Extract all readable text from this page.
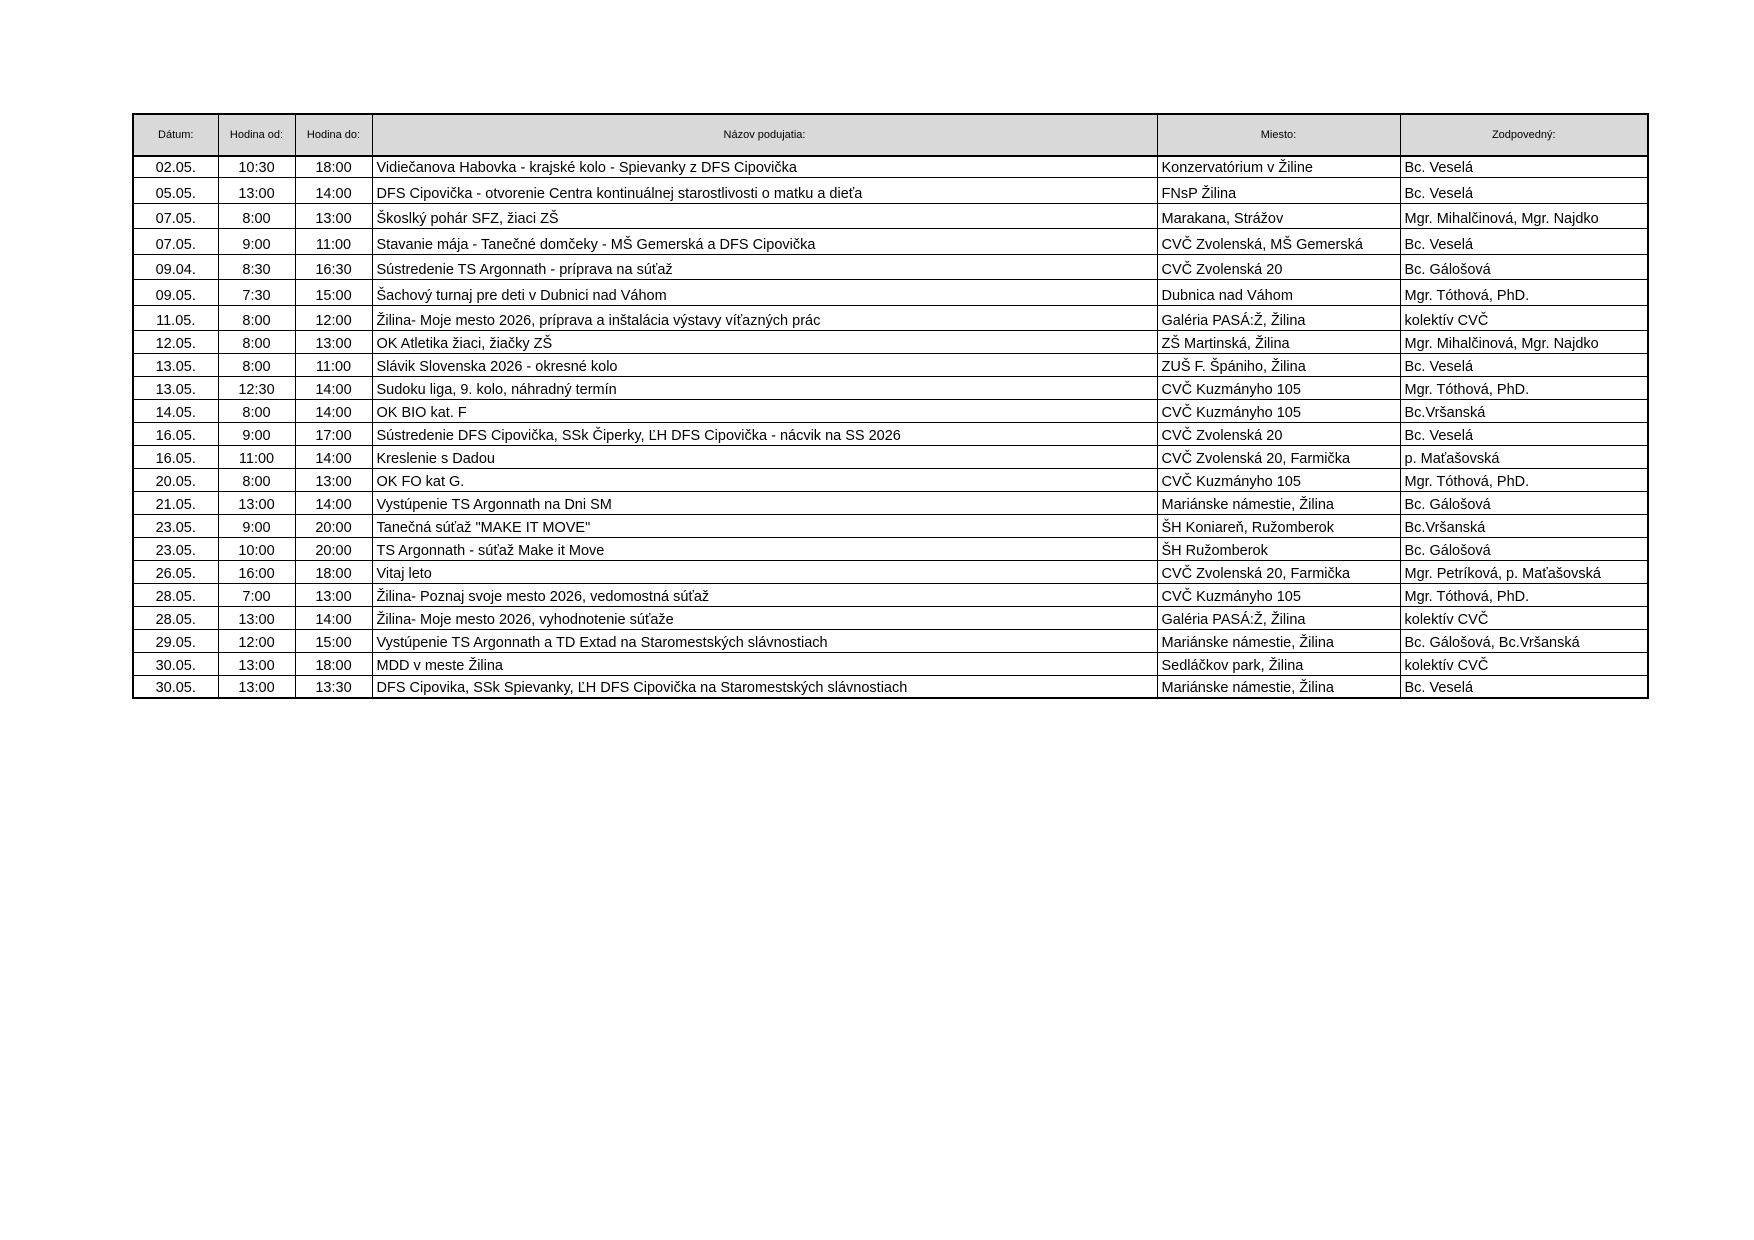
Dátum:	Hodina od:	Hodina do:	Názov podujatia:	Miesto:	Zodpovedný:
02.05.	10:30	18:00	Vidiečanova Habovka - krajské kolo - Spievanky z DFS Cipovička	Konzervatórium v Žiline	Bc. Veselá
05.05.	13:00	14:00	DFS Cipovička - otvorenie Centra kontinuálnej starostlivosti o matku a dieťa	FNsP Žilina	Bc. Veselá
07.05.	8:00	13:00	Škoslký pohár SFZ, žiaci ZŠ	Marakana, Strážov	Mgr. Mihalčinová, Mgr. Najdko
07.05.	9:00	11:00	Stavanie mája - Tanečné domčeky - MŠ Gemerská a DFS Cipovička	CVČ Zvolenská, MŠ Gemerská	Bc. Veselá
09.04.	8:30	16:30	Sústredenie TS Argonnath - príprava na súťaž	CVČ Zvolenská 20	Bc. Gálošová
09.05.	7:30	15:00	Šachový turnaj pre deti v Dubnici nad Váhom	Dubnica nad Váhom	Mgr. Tóthová, PhD.
11.05.	8:00	12:00	Žilina- Moje mesto 2026, príprava a inštalácia výstavy víťazných prác	Galéria PASÁ:Ž, Žilina	kolektív CVČ
12.05.	8:00	13:00	OK Atletika žiaci, žiačky ZŠ	ZŠ Martinská, Žilina	Mgr. Mihalčinová, Mgr. Najdko
13.05.	8:00	11:00	Slávik Slovenska 2026 - okresné kolo	ZUŠ F. Špániho, Žilina	Bc. Veselá
13.05.	12:30	14:00	Sudoku liga, 9. kolo, náhradný termín	CVČ Kuzmányho 105	Mgr. Tóthová, PhD.
14.05.	8:00	14:00	OK BIO kat. F	CVČ Kuzmányho 105	Bc.Vršanská
16.05.	9:00	17:00	Sústredenie DFS Cipovička, SSk Čiperky, ĽH DFS Cipovička - nácvik na SS 2026	CVČ Zvolenská 20	Bc. Veselá
16.05.	11:00	14:00	Kreslenie s Dadou	CVČ Zvolenská 20, Farmička	p. Maťašovská
20.05.	8:00	13:00	OK FO kat G.	CVČ Kuzmányho 105	Mgr. Tóthová, PhD.
21.05.	13:00	14:00	Vystúpenie TS Argonnath na Dni SM	Mariánske námestie, Žilina	Bc. Gálošová
23.05.	9:00	20:00	Tanečná súťaž "MAKE IT MOVE"	ŠH Koniareň, Ružomberok	Bc.Vršanská
23.05.	10:00	20:00	TS Argonnath - súťaž Make it Move	ŠH Ružomberok	Bc. Gálošová
26.05.	16:00	18:00	Vitaj leto	CVČ Zvolenská 20, Farmička	Mgr. Petríková, p. Maťašovská
28.05.	7:00	13:00	Žilina- Poznaj svoje mesto 2026, vedomostná súťaž	CVČ Kuzmányho 105	Mgr. Tóthová, PhD.
28.05.	13:00	14:00	Žilina- Moje mesto 2026, vyhodnotenie súťaže	Galéria PASÁ:Ž, Žilina	kolektív CVČ
29.05.	12:00	15:00	Vystúpenie TS Argonnath a TD Extad na Staromestských slávnostiach	Mariánske námestie, Žilina	Bc. Gálošová, Bc.Vršanská
30.05.	13:00	18:00	MDD v meste Žilina	Sedláčkov park, Žilina	kolektív CVČ
30.05.	13:00	13:30	DFS Cipovika, SSk Spievanky, ĽH DFS Cipovička na Staromestských slávnostiach	Mariánske námestie, Žilina	Bc. Veselá
